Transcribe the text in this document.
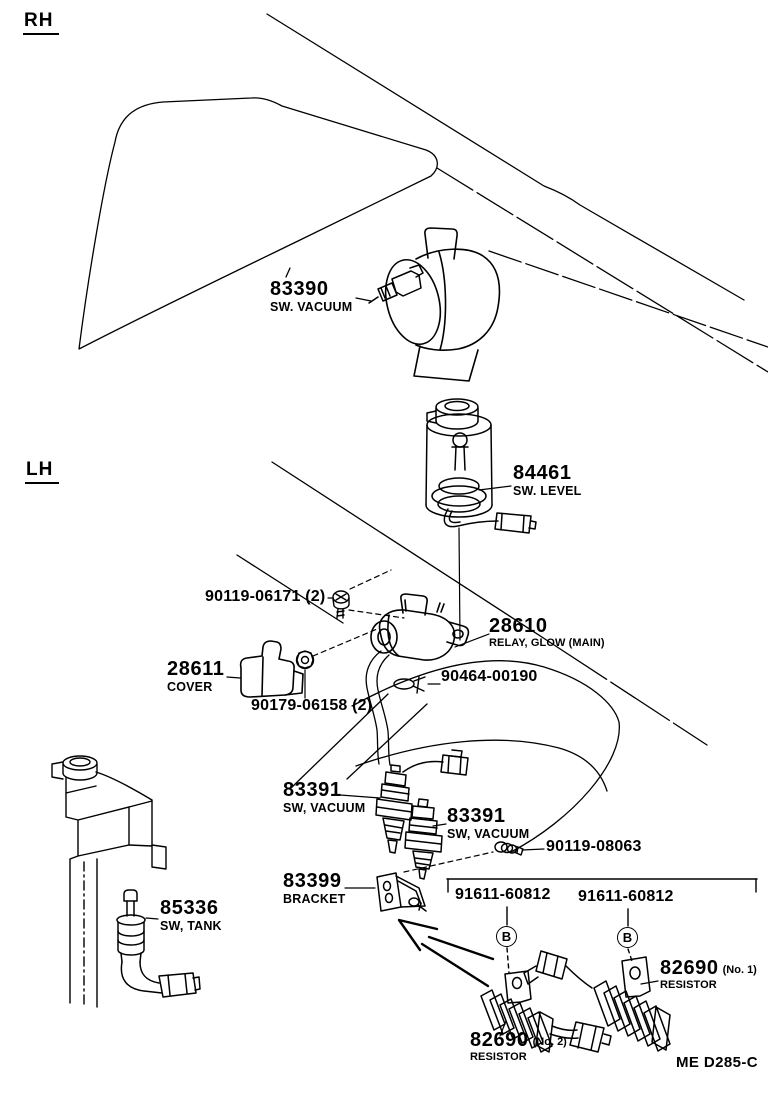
RH
LH
83390
SW. VACUUM
84461
SW. LEVEL
90119-06171 (2)
28610
RELAY, GLOW (MAIN)
28611
COVER
90179-06158 (2)
90464-00190
83391
SW, VACUUM	83391
SW, VACUUM
90119-08063
83399
BRACKET	91611-60812 91611-60812
B	B
85336
SW, TANK
82690 (No. 1)
RESISTOR
82690 (No. 2)
RESISTOR	ME D285-C
